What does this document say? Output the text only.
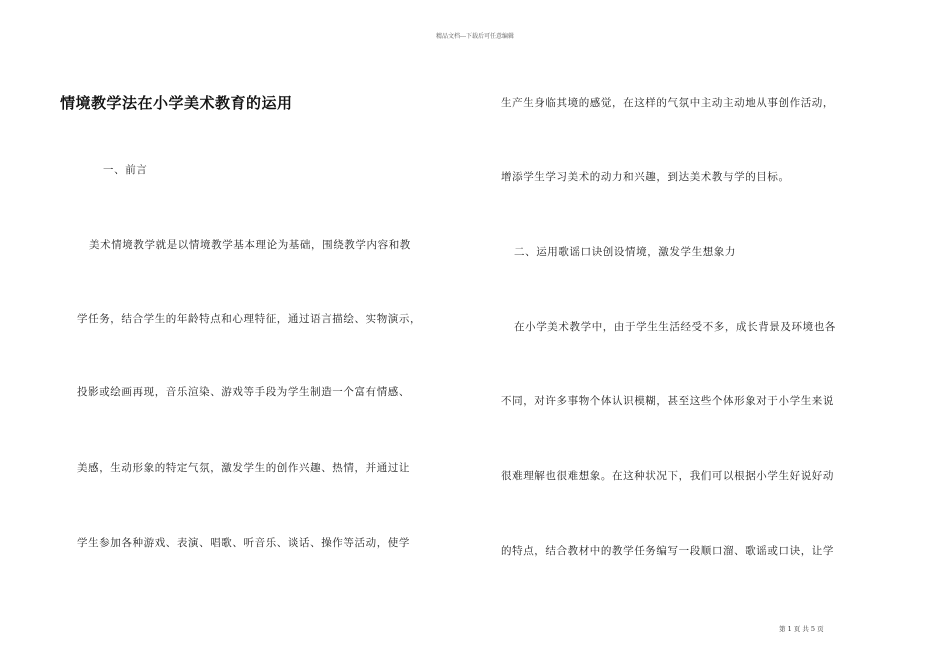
精品文档---下载后可任意编辑
情境教学法在小学美术教育的运用
一、前言
美术情境教学就是以情境教学基本理论为基础，围绕教学内容和教
学任务，结合学生的年龄特点和心理特征，通过语言描绘、实物演示，
投影或绘画再现，音乐渲染、游戏等手段为学生制造一个富有情感、
美感，生动形象的特定气氛，激发学生的创作兴趣、热情，并通过让
学生参加各种游戏、表演、唱歌、听音乐、谈话、操作等活动，使学
生产生身临其境的感觉，在这样的气氛中主动主动地从事创作活动，
增添学生学习美术的动力和兴趣，到达美术教与学的目标。
二、运用歌谣口诀创设情境，激发学生想象力
在小学美术教学中，由于学生生活经受不多，成长背景及环境也各
不同，对许多事物个体认识模糊，甚至这些个体形象对于小学生来说
很难理解也很难想象。在这种状况下，我们可以根据小学生好说好动
的特点，结合教材中的教学任务编写一段顺口溜、歌谣或口诀，让学
第 1 页 共 5 页
